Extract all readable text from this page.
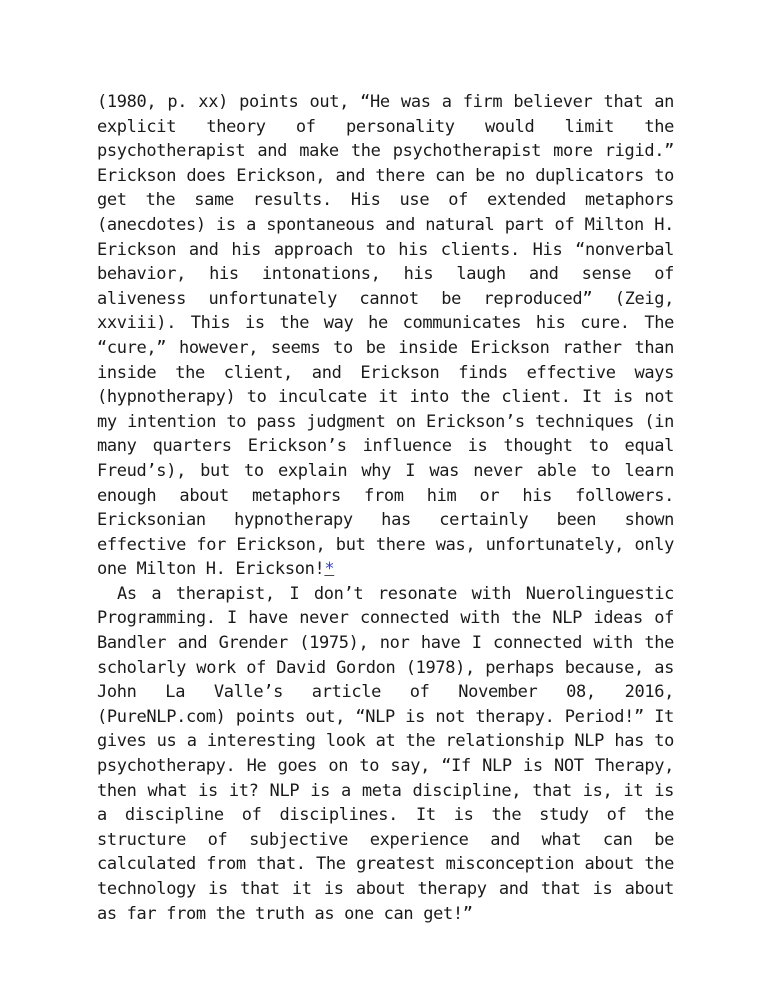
(1980, p. xx) points out, “He was a firm believer that an explicit theory of personality would limit the psychotherapist and make the psychotherapist more rigid.” Erickson does Erickson, and there can be no duplicators to get the same results. His use of extended metaphors (anecdotes) is a spontaneous and natural part of Milton H. Erickson and his approach to his clients. His “nonverbal behavior, his intonations, his laugh and sense of aliveness unfortunately cannot be reproduced” (Zeig, xxviii). This is the way he communicates his cure. The “cure,” however, seems to be inside Erickson rather than inside the client, and Erickson finds effective ways (hypnotherapy) to inculcate it into the client. It is not my intention to pass judgment on Erickson’s techniques (in many quarters Erickson’s influence is thought to equal Freud’s), but to explain why I was never able to learn enough about metaphors from him or his followers. Ericksonian hypnotherapy has certainly been shown effective for Erickson, but there was, unfortunately, only one Milton H. Erickson!*

As a therapist, I don’t resonate with Nuerolinguestic Programming. I have never connected with the NLP ideas of Bandler and Grender (1975), nor have I connected with the scholarly work of David Gordon (1978), perhaps because, as John La Valle’s article of November 08, 2016, (PureNLP.com) points out, “NLP is not therapy. Period!” It gives us a interesting look at the relationship NLP has to psychotherapy. He goes on to say, “If NLP is NOT Therapy, then what is it? NLP is a meta discipline, that is, it is a discipline of disciplines. It is the study of the structure of subjective experience and what can be calculated from that. The greatest misconception about the technology is that it is about therapy and that is about as far from the truth as one can get!”
